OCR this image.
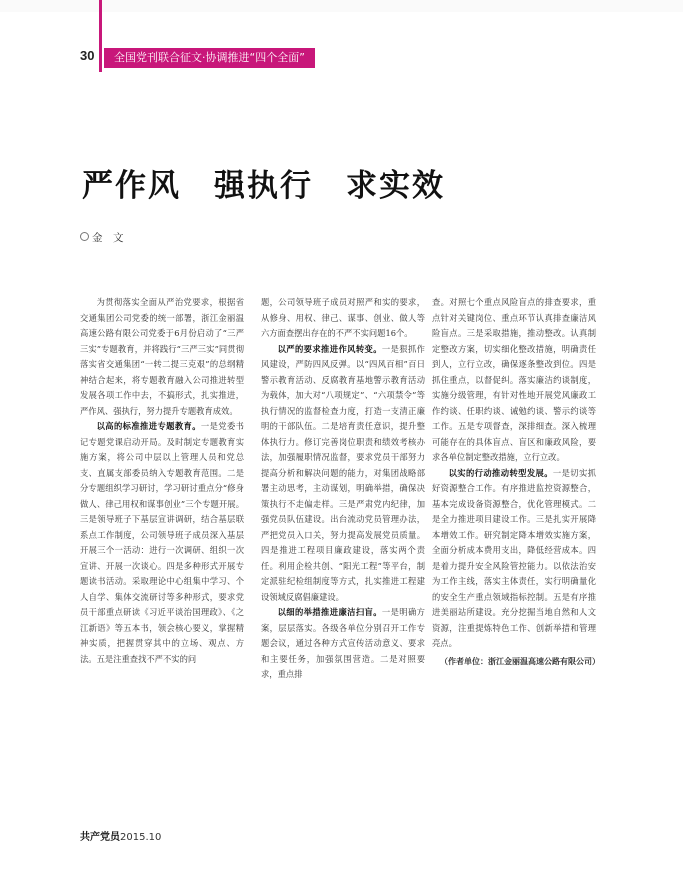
30	全国党刊联合征文·协调推进“四个全面”
严作风　强执行　求实效
金　文

为贯彻落实全面从严治党要求，根据省交通集团公司党委的统一部署，浙江金丽温高速公路有限公司党委于6月份启动了“三严三实”专题教育，并将践行“三严三实”同贯彻落实省交通集团“一转二提三克艰”的总纲精神结合起来，将专题教育融入公司推进转型发展各项工作中去，不搞形式，扎实推进，严作风、强执行，努力提升专题教育成效。

以高的标准推进专题教育。一是党委书记专题党课启动开局。及时制定专题教育实施方案，将公司中层以上管理人员和党总支、直属支部委员纳入专题教育范围。二是分专题组织学习研讨，学习研讨重点分“修身做人、律己用权和谋事创业”三个专题开展。三是领导班子下基层宣讲调研，结合基层联系点工作制度，公司领导班子成员深入基层开展三个一活动：进行一次调研、组织一次宣讲、开展一次谈心。四是多种形式开展专题读书活动。采取理论中心组集中学习、个人自学、集体交流研讨等多种形式，要求党员干部重点研读《习近平谈治国理政》、《之江新语》等五本书，领会核心要义，掌握精神实质，把握贯穿其中的立场、观点、方法。五是注重查找不严不实的问

题，公司领导班子成员对照严和实的要求，从修身、用权、律己、谋事、创业、做人等六方面查摆出存在的不严不实问题16个。

以严的要求推进作风转变。一是狠抓作风建设，严防四风反弹。以“四风百相”百日警示教育活动、反腐教育基地警示教育活动为载体，加大对“八项规定”、“六项禁令”等执行情况的监督检查力度，打造一支清正廉明的干部队伍。二是培育责任意识，提升整体执行力。修订完善岗位职责和绩效考核办法，加强履职情况监督，要求党员干部努力提高分析和解决问题的能力，对集团战略部署主动思考，主动谋划，明确举措，确保决策执行不走偏走样。三是严肃党内纪律，加强党员队伍建设。出台流动党员管理办法，严把党员入口关，努力提高发展党员质量。四是推进工程项目廉政建设，落实两个责任。利用企检共创、“阳光工程”等平台，制定派驻纪检组制度等方式，扎实推进工程建设领域反腐倡廉建设。

以细的举措推进廉洁扫盲。一是明确方案，层层落实。各级各单位分别召开工作专题会议，通过各种方式宣传活动意义、要求和主要任务，加强氛围营造。二是对照要求，重点排

查。对照七个重点风险盲点的排查要求，重点针对关键岗位、重点环节认真排查廉洁风险盲点。三是采取措施，推动整改。认真制定整改方案，切实细化整改措施，明确责任到人，立行立改，确保逐条整改到位。四是抓住重点，以督促纠。落实廉洁约谈制度，实施分级管理，有针对性地开展党风廉政工作约谈、任职约谈、诫勉约谈、警示约谈等工作。五是专项督查，深排细查。深入梳理可能存在的具体盲点、盲区和廉政风险，要求各单位制定整改措施，立行立改。

以实的行动推动转型发展。一是切实抓好资源整合工作。有序推进监控资源整合，基本完成设备资源整合，优化管理模式。二是全力推进项目建设工作。三是扎实开展降本增效工作。研究制定降本增效实施方案，全面分析成本费用支出，降低经营成本。四是着力提升安全风险管控能力。以依法治安为工作主线，落实主体责任，实行明确量化的安全生产重点领域指标控制。五是有序推进美丽站所建设。充分挖掘当地自然和人文资源，注重提炼特色工作、创新举措和管理亮点。

（作者单位：浙江金丽温高速公路有限公司）

共产党员2015.10
